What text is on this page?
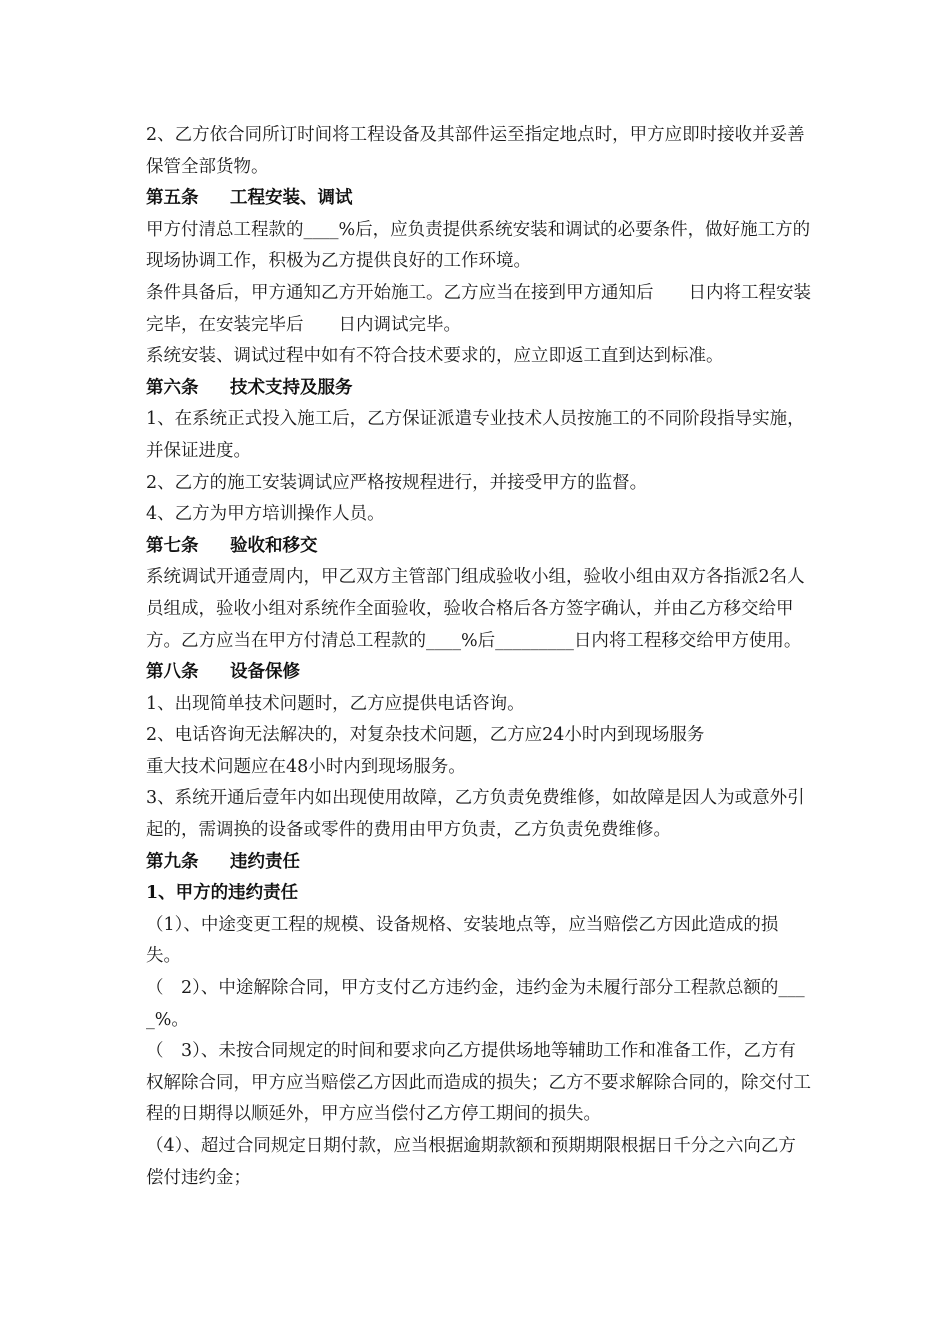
2、乙方依合同所订时间将工程设备及其部件运至指定地点时，甲方应即时接收并妥善保管全部货物。

第五条 工程安装、调试

甲方付清总工程款的____%后，应负责提供系统安装和调试的必要条件，做好施工方的现场协调工作，积极为乙方提供良好的工作环境。

条件具备后，甲方通知乙方开始施工。乙方应当在接到甲方通知后　　日内将工程安装完毕，在安装完毕后　　日内调试完毕。

系统安装、调试过程中如有不符合技术要求的，应立即返工直到达到标准。

第六条 技术支持及服务

1、在系统正式投入施工后，乙方保证派遣专业技术人员按施工的不同阶段指导实施，并保证进度。

2、乙方的施工安装调试应严格按规程进行，并接受甲方的监督。

4、乙方为甲方培训操作人员。

第七条 验收和移交

系统调试开通壹周内，甲乙双方主管部门组成验收小组，验收小组由双方各指派2名人员组成，验收小组对系统作全面验收，验收合格后各方签字确认，并由乙方移交给甲方。乙方应当在甲方付清总工程款的____%后_________日内将工程移交给甲方使用。

第八条 设备保修

1、出现简单技术问题时，乙方应提供电话咨询。

2、电话咨询无法解决的，对复杂技术问题，乙方应24小时内到现场服务

重大技术问题应在48小时内到现场服务。

3、系统开通后壹年内如出现使用故障，乙方负责免费维修，如故障是因人为或意外引起的，需调换的设备或零件的费用由甲方负责，乙方负责免费维修。

第九条 违约责任

1、甲方的违约责任

（1）、中途变更工程的规模、设备规格、安装地点等，应当赔偿乙方因此造成的损失。

（　2）、中途解除合同，甲方支付乙方违约金，违约金为未履行部分工程款总额的____%。

（　3）、未按合同规定的时间和要求向乙方提供场地等辅助工作和准备工作，乙方有权解除合同，甲方应当赔偿乙方因此而造成的损失；乙方不要求解除合同的，除交付工程的日期得以顺延外，甲方应当偿付乙方停工期间的损失。

（4）、超过合同规定日期付款，应当根据逾期款额和预期期限根据日千分之六向乙方偿付违约金；
